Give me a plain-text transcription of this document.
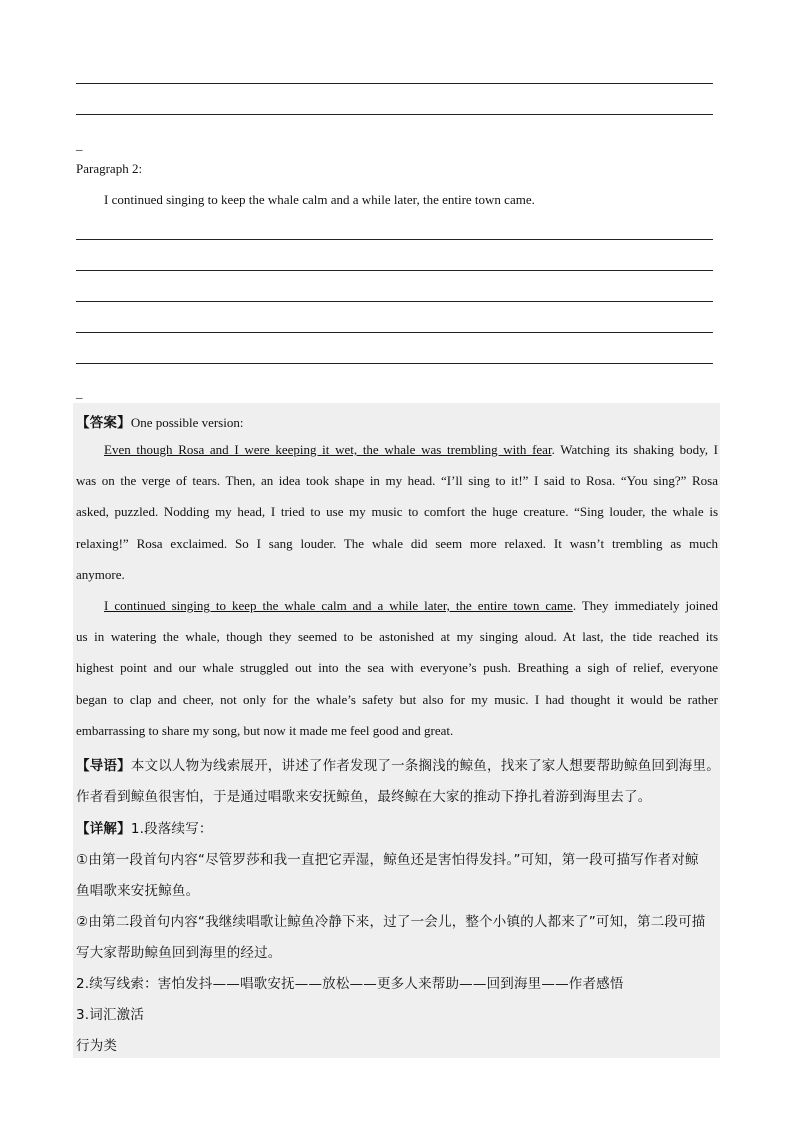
_
Paragraph 2:
I continued singing to keep the whale calm and a while later, the entire town came.
_
【答案】One possible version:
Even though Rosa and I were keeping it wet, the whale was trembling with fear. Watching its shaking body, I
was on the verge of tears. Then, an idea took shape in my head. “I’ll sing to it!” I said to Rosa. “You sing?” Rosa
asked, puzzled. Nodding my head, I tried to use my music to comfort the huge creature. “Sing louder, the whale is
relaxing!” Rosa exclaimed. So I sang louder. The whale did seem more relaxed. It wasn’t trembling as much
anymore.
I continued singing to keep the whale calm and a while later, the entire town came. They immediately joined
us in watering the whale, though they seemed to be astonished at my singing aloud. At last, the tide reached its
highest point and our whale struggled out into the sea with everyone’s push. Breathing a sigh of relief, everyone
began to clap and cheer, not only for the whale’s safety but also for my music. I had thought it would be rather
embarrassing to share my song, but now it made me feel good and great.
【导语】本文以人物为线索展开，讲述了作者发现了一条搁浅的鲸鱼，找来了家人想要帮助鲸鱼回到海里。
作者看到鲸鱼很害怕，于是通过唱歌来安抚鲸鱼，最终鲸在大家的推动下挣扎着游到海里去了。
【详解】1.段落续写：
①由第一段首句内容“尽管罗莎和我一直把它弄湿，鲸鱼还是害怕得发抖。”可知，第一段可描写作者对鲸
鱼唱歌来安抚鲸鱼。
②由第二段首句内容“我继续唱歌让鲸鱼冷静下来，过了一会儿，整个小镇的人都来了”可知，第二段可描
写大家帮助鲸鱼回到海里的经过。
2.续写线索：害怕发抖——唱歌安抚——放松——更多人来帮助——回到海里——作者感悟
3.词汇激活
行为类
